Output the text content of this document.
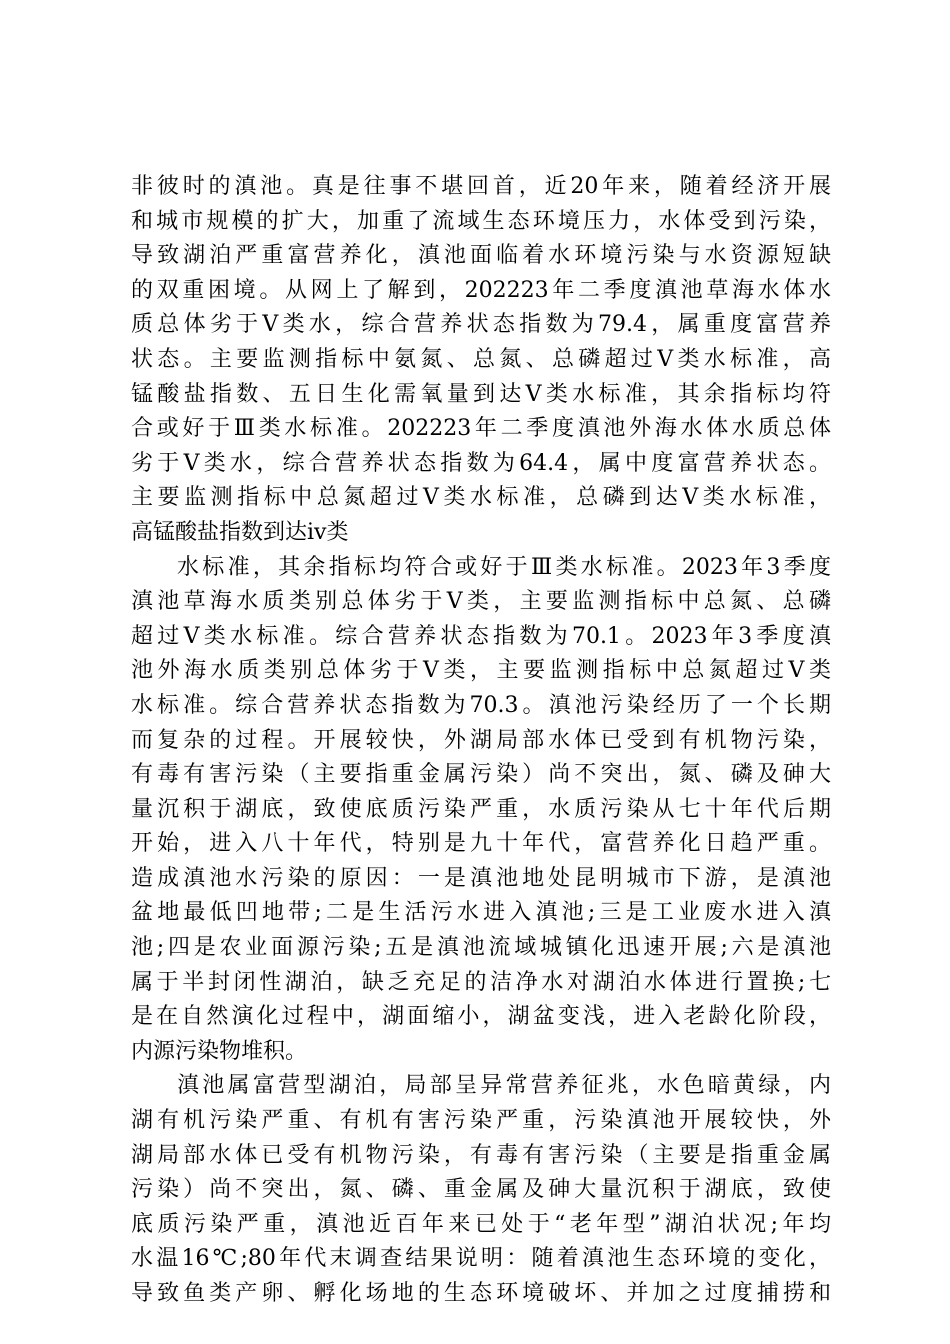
非彼时的滇池。真是往事不堪回首，近20年来，随着经济开展
和城市规模的扩大，加重了流域生态环境压力，水体受到污染，
导致湖泊严重富营养化，滇池面临着水环境污染与水资源短缺
的双重困境。从网上了解到，202223年二季度滇池草海水体水
质总体劣于Ⅴ类水，综合营养状态指数为79.4，属重度富营养
状态。主要监测指标中氨氮、总氮、总磷超过Ⅴ类水标准，高
锰酸盐指数、五日生化需氧量到达Ⅴ类水标准，其余指标均符
合或好于Ⅲ类水标准。202223年二季度滇池外海水体水质总体
劣于Ⅴ类水，综合营养状态指数为64.4，属中度富营养状态。
主要监测指标中总氮超过Ⅴ类水标准，总磷到达Ⅴ类水标准，
高锰酸盐指数到达ⅳ类
水标准，其余指标均符合或好于Ⅲ类水标准。2023年3季度
滇池草海水质类别总体劣于Ⅴ类，主要监测指标中总氮、总磷
超过Ⅴ类水标准。综合营养状态指数为70.1。2023年3季度滇
池外海水质类别总体劣于Ⅴ类，主要监测指标中总氮超过Ⅴ类
水标准。综合营养状态指数为70.3。滇池污染经历了一个长期
而复杂的过程。开展较快，外湖局部水体已受到有机物污染，
有毒有害污染（主要指重金属污染）尚不突出，氮、磷及砷大
量沉积于湖底，致使底质污染严重，水质污染从七十年代后期
开始，进入八十年代，特别是九十年代，富营养化日趋严重。
造成滇池水污染的原因：一是滇池地处昆明城市下游，是滇池
盆地最低凹地带;二是生活污水进入滇池;三是工业废水进入滇
池;四是农业面源污染;五是滇池流域城镇化迅速开展;六是滇池
属于半封闭性湖泊，缺乏充足的洁净水对湖泊水体进行置换;七
是在自然演化过程中，湖面缩小，湖盆变浅，进入老龄化阶段，
内源污染物堆积。
滇池属富营型湖泊，局部呈异常营养征兆，水色暗黄绿，内
湖有机污染严重、有机有害污染严重，污染滇池开展较快，外
湖局部水体已受有机物污染，有毒有害污染（主要是指重金属
污染）尚不突出，氮、磷、重金属及砷大量沉积于湖底，致使
底质污染严重，滇池近百年来已处于“老年型”湖泊状况;年均
水温16℃;80年代末调查结果说明：随着滇池生态环境的变化，
导致鱼类产卵、孵化场地的生态环境破坏、并加之过度捕捞和
